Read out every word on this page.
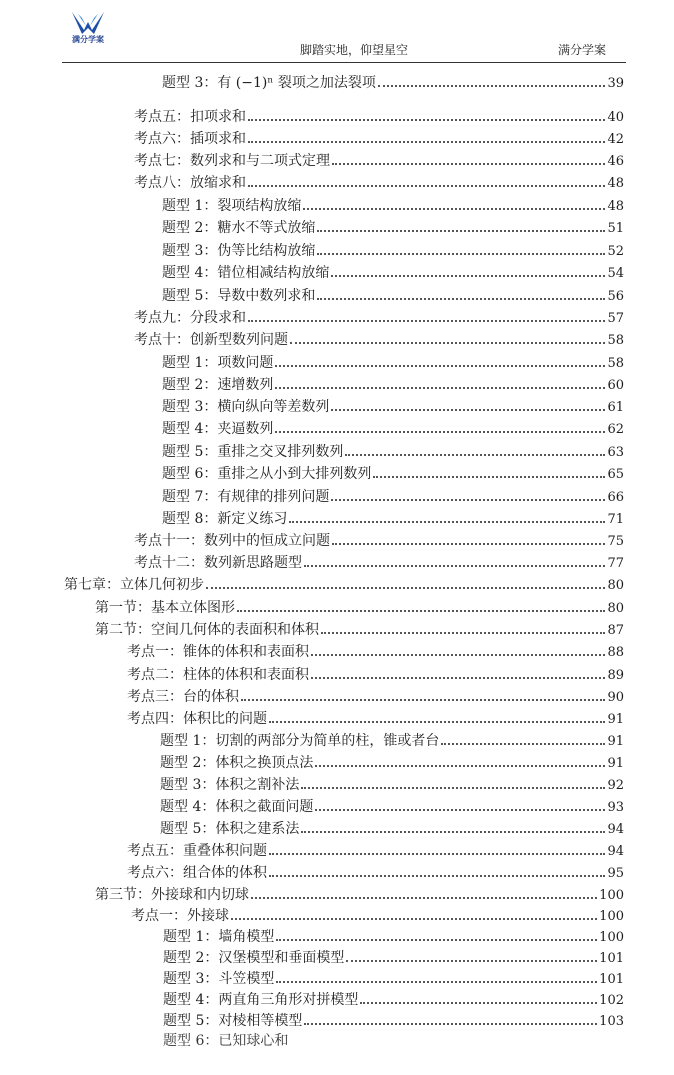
满分学案
脚踏实地，仰望星空	满分学案
题型 3：有 (−1)ⁿ 裂项之加法裂项	39
考点五：扣项求和	40
考点六：插项求和	42
考点七：数列求和与二项式定理	46
考点八：放缩求和	48
题型 1：裂项结构放缩	48
题型 2：糖水不等式放缩	51
题型 3：伪等比结构放缩	52
题型 4：错位相减结构放缩	54
题型 5：导数中数列求和	56
考点九：分段求和	57
考点十：创新型数列问题	58
题型 1：项数问题	58
题型 2：速增数列	60
题型 3：横向纵向等差数列	61
题型 4：夹逼数列	62
题型 5：重排之交叉排列数列	63
题型 6：重排之从小到大排列数列	65
题型 7：有规律的排列问题	66
题型 8：新定义练习	71
考点十一：数列中的恒成立问题	75
考点十二：数列新思路题型	77
第七章：立体几何初步	80
第一节：基本立体图形	80
第二节：空间几何体的表面积和体积	87
考点一：锥体的体积和表面积	88
考点二：柱体的体积和表面积	89
考点三：台的体积	90
考点四：体积比的问题	91
题型 1：切割的两部分为简单的柱，锥或者台	91
题型 2：体积之换顶点法	91
题型 3：体积之割补法	92
题型 4：体积之截面问题	93
题型 5：体积之建系法	94
考点五：重叠体积问题	94
考点六：组合体的体积	95
第三节：外接球和内切球	100
考点一：外接球	100
题型 1：墙角模型	100
题型 2：汉堡模型和垂面模型	101
题型 3：斗笠模型	101
题型 4：两直角三角形对拼模型	102
题型 5：对棱相等模型	103
题型 6：已知球心和
